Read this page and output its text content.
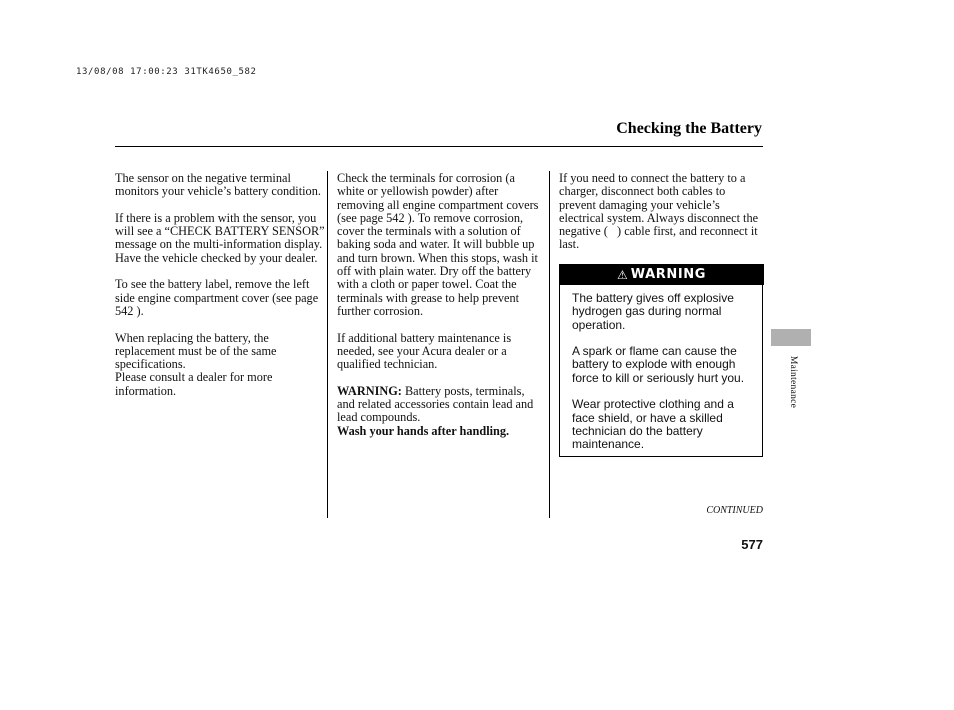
13/08/08 17:00:23 31TK4650_582
Checking the Battery

The sensor on the negative terminal monitors your vehicle’s battery condition.

If there is a problem with the sensor, you will see a “CHECK BATTERY SENSOR” message on the multi-information display. Have the vehicle checked by your dealer.

To see the battery label, remove the left side engine compartment cover (see page 542 ).

When replacing the battery, the replacement must be of the same specifications.

Please consult a dealer for more information.

Check the terminals for corrosion (a white or yellowish powder) after removing all engine compartment covers (see page 542 ). To remove corrosion, cover the terminals with a solution of baking soda and water. It will bubble up and turn brown. When this stops, wash it off with plain water. Dry off the battery with a cloth or paper towel. Coat the terminals with grease to help prevent further corrosion.

If additional battery maintenance is needed, see your Acura dealer or a qualified technician.

WARNING: Battery posts, terminals, and related accessories contain lead and lead compounds.
Wash your hands after handling.

If you need to connect the battery to a charger, disconnect both cables to prevent damaging your vehicle’s electrical system. Always disconnect the negative (   ) cable first, and reconnect it last.

⚠ WARNING

The battery gives off explosive hydrogen gas during normal operation.

A spark or flame can cause the battery to explode with enough force to kill or seriously hurt you.

Wear protective clothing and a face shield, or have a skilled technician do the battery maintenance.

CONTINUED
577
Maintenance
